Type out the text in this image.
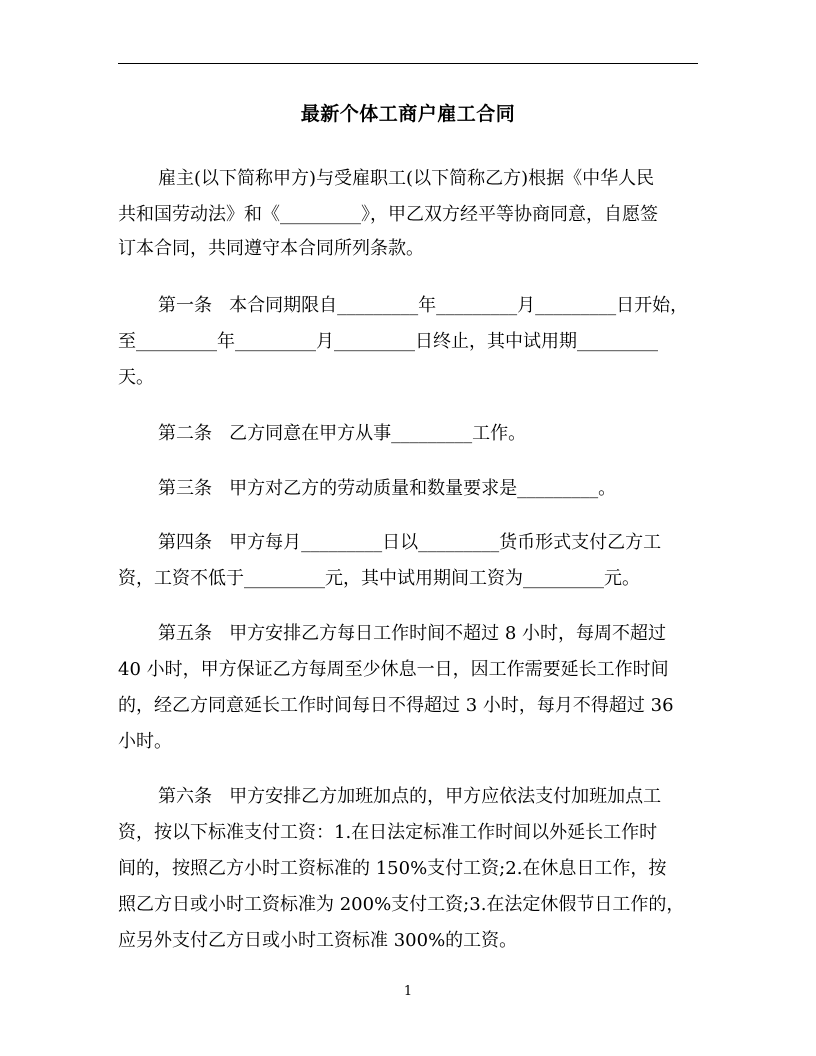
最新个体工商户雇工合同
雇主(以下简称甲方)与受雇职工(以下简称乙方)根据《中华人民
共和国劳动法》和《_________》，甲乙双方经平等协商同意，自愿签
订本合同，共同遵守本合同所列条款。
第一条   本合同期限自_________年_________月_________日开始，
至_________年_________月_________日终止，其中试用期_________
天。
第二条   乙方同意在甲方从事_________工作。
第三条   甲方对乙方的劳动质量和数量要求是_________。
第四条   甲方每月_________日以_________货币形式支付乙方工
资，工资不低于_________元，其中试用期间工资为_________元。
第五条   甲方安排乙方每日工作时间不超过 8 小时，每周不超过
40 小时，甲方保证乙方每周至少休息一日，因工作需要延长工作时间
的，经乙方同意延长工作时间每日不得超过 3 小时，每月不得超过 36
小时。
第六条   甲方安排乙方加班加点的，甲方应依法支付加班加点工
资，按以下标准支付工资：1.在日法定标准工作时间以外延长工作时
间的，按照乙方小时工资标准的 150%支付工资;2.在休息日工作，按
照乙方日或小时工资标准为 200%支付工资;3.在法定休假节日工作的，
应另外支付乙方日或小时工资标准 300%的工资。
1
